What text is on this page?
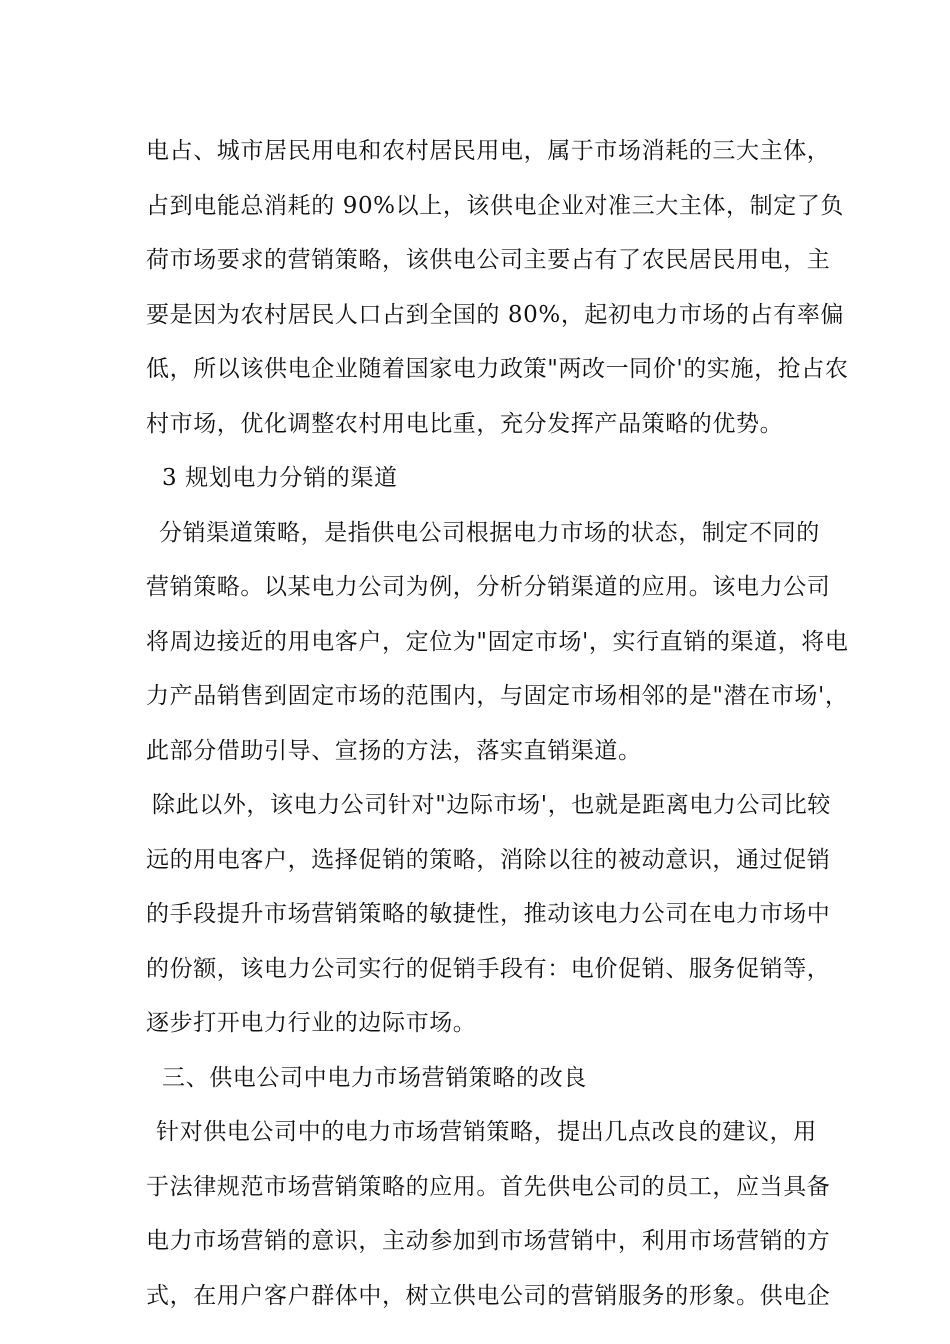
电占、城市居民用电和农村居民用电，属于市场消耗的三大主体，
占到电能总消耗的 90%以上，该供电企业对准三大主体，制定了负
荷市场要求的营销策略，该供电公司主要占有了农民居民用电，主
要是因为农村居民人口占到全国的 80%，起初电力市场的占有率偏
低，所以该供电企业随着国家电力政策"两改一同价'的实施，抢占农
村市场，优化调整农村用电比重，充分发挥产品策略的优势。
3 规划电力分销的渠道
分销渠道策略，是指供电公司根据电力市场的状态，制定不同的
营销策略。以某电力公司为例，分析分销渠道的应用。该电力公司
将周边接近的用电客户，定位为"固定市场'，实行直销的渠道，将电
力产品销售到固定市场的范围内，与固定市场相邻的是"潜在市场'，
此部分借助引导、宣扬的方法，落实直销渠道。
除此以外，该电力公司针对"边际市场'，也就是距离电力公司比较
远的用电客户，选择促销的策略，消除以往的被动意识，通过促销
的手段提升市场营销策略的敏捷性，推动该电力公司在电力市场中
的份额，该电力公司实行的促销手段有：电价促销、服务促销等，
逐步打开电力行业的边际市场。
三、供电公司中电力市场营销策略的改良
针对供电公司中的电力市场营销策略，提出几点改良的建议，用
于法律规范市场营销策略的应用。首先供电公司的员工，应当具备
电力市场营销的意识，主动参加到市场营销中，利用市场营销的方
式，在用户客户群体中，树立供电公司的营销服务的形象。供电企
